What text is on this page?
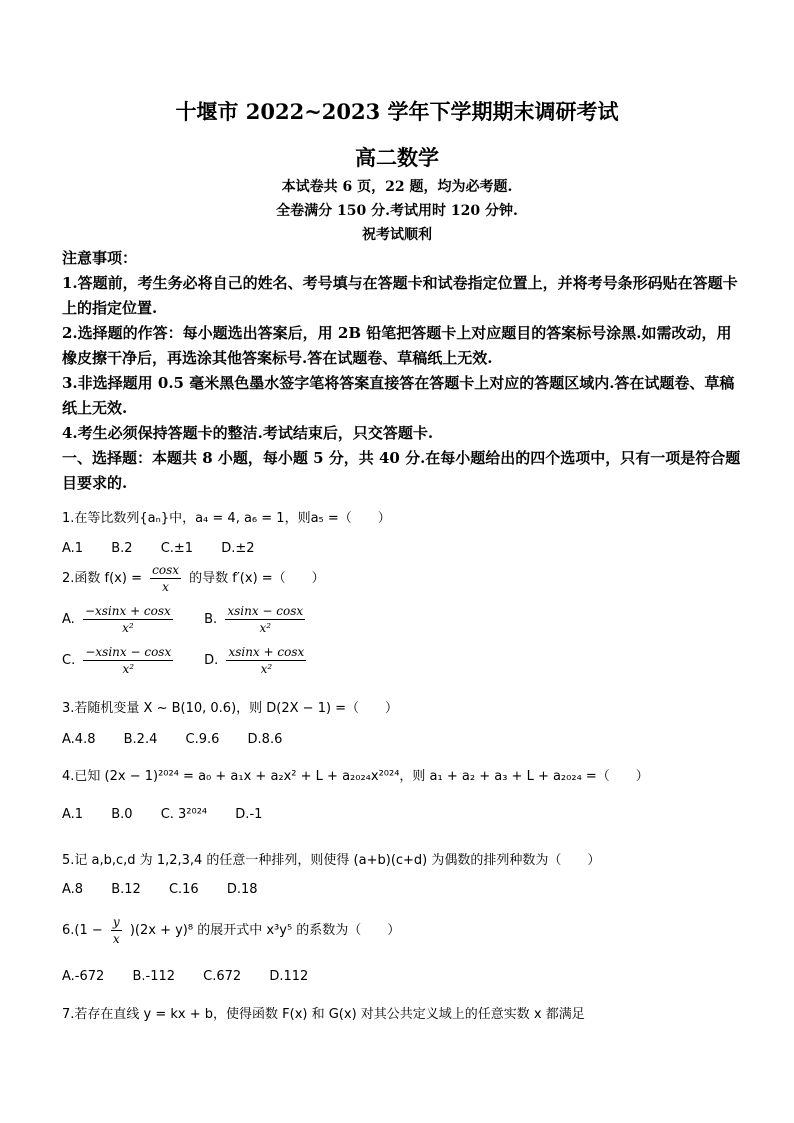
十堰市 2022~2023 学年下学期期末调研考试
高二数学
本试卷共 6 页，22 题，均为必考题.
全卷满分 150 分.考试用时 120 分钟.
祝考试顺利
注意事项：
1.答题前，考生务必将自己的姓名、考号填与在答题卡和试卷指定位置上，并将考号条形码贴在答题卡上的指定位置.
2.选择题的作答：每小题选出答案后，用 2B 铅笔把答题卡上对应题目的答案标号涂黑.如需改动，用橡皮擦干净后，再选涂其他答案标号.答在试题卷、草稿纸上无效.
3.非选择题用 0.5 毫米黑色墨水签字笔将答案直接答在答题卡上对应的答题区域内.答在试题卷、草稿纸上无效.
4.考生必须保持答题卡的整洁.考试结束后，只交答题卡.
一、选择题：本题共 8 小题，每小题 5 分，共 40 分.在每小题给出的四个选项中，只有一项是符合题目要求的.
1.在等比数列{aₙ}中，a₄ = 4, a₆ = 1，则a₅ =（　　）
A.1 B.2 C.±1 D.±2
2.函数 $f(x) = \frac{\cos x}{x}$ 的导数 f′(x) =（　　）
A. $\frac{-xsinx + \cos x}{\text{x²}} B$. $\frac{xsinx - \cos x}{\text{x²}}$
C. $\frac{-xsinx - \cos x}{\text{x²}} D$. $\frac{xsinx + \cos x}{\text{x²}}$
3.若随机变量 X ~ B(10, 0.6)，则 D(2X − 1) =（　　）
A.4.8 B.2.4 C.9.6 D.8.6
4.已知 (2x − 1)²⁰²⁴ = a₀ + a₁x + a₂x² + L + a₂₀₂₄x²⁰²⁴，则 a₁ + a₂ + a₃ + L + a₂₀₂₄ =（　　）
A.1 B.0 C. 3²⁰²⁴ D.-1
5.记 a,b,c,d 为 1,2,3,4 的任意一种排列，则使得 (a+b)(c+d) 为偶数的排列种数为（　　）
A.8 B.12 C.16 D.18
$6.(1 - \frac{y}{x} )(2x + y)^8$ 的展开式中 x³y⁵ 的系数为（　　）
A.-672 B.-112 C.672 D.112
7.若存在直线 y = kx + b，使得函数 F(x) 和 G(x) 对其公共定义域上的任意实数 x 都满足
